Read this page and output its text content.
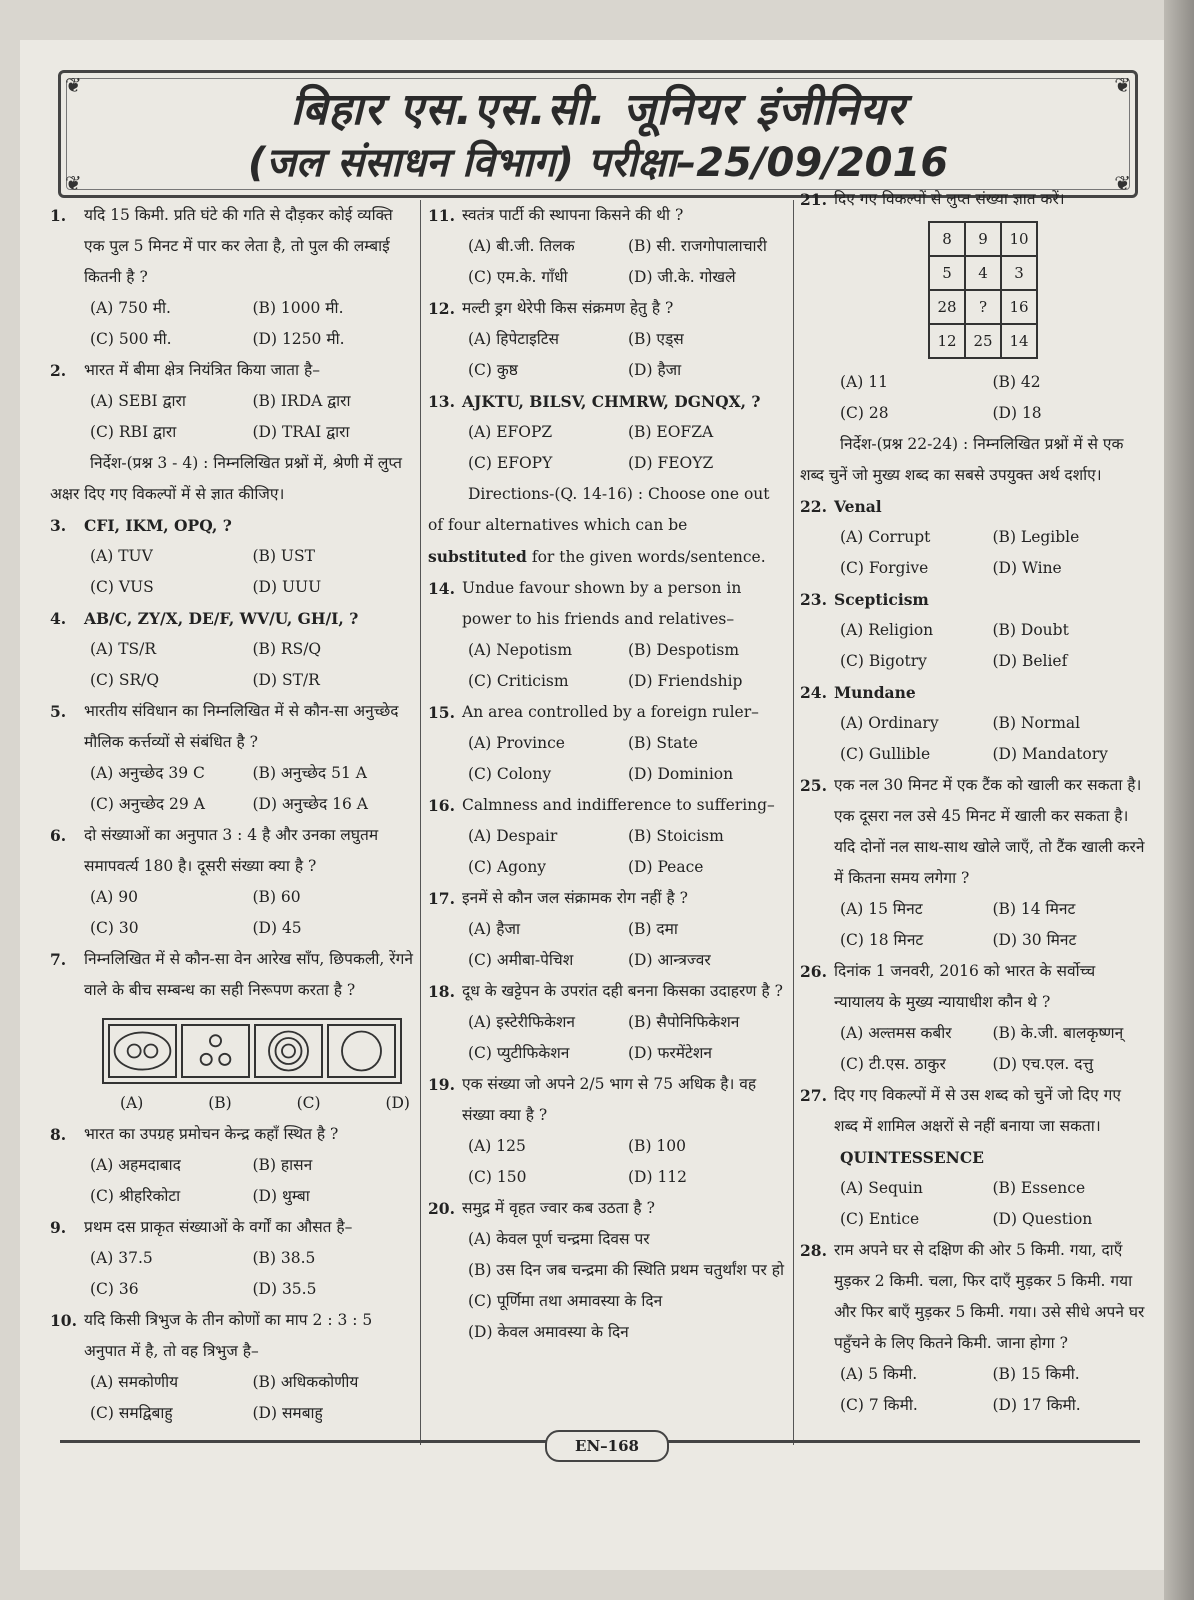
❦	❦
❦	❦
बिहार एस.एस.सी. जूनियर इंजीनियर
(जल संसाधन विभाग) परीक्षा–25/09/2016
1.	यदि 15 किमी. प्रति घंटे की गति से दौड़कर कोई व्यक्ति एक पुल 5 मिनट में पार कर लेता है, तो पुल की लम्बाई कितनी है ?
(A) 750 मी.	(B) 1000 मी.
(C) 500 मी.	(D) 1250 मी.
2.	भारत में बीमा क्षेत्र नियंत्रित किया जाता है–
(A) SEBI द्वारा	(B) IRDA द्वारा
(C) RBI द्वारा	(D) TRAI द्वारा
निर्देश-(प्रश्न 3 - 4) : निम्नलिखित प्रश्नों में, श्रेणी में लुप्त अक्षर दिए गए विकल्पों में से ज्ञात कीजिए।
3.	CFI, IKM, OPQ, ?
(A) TUV	(B) UST
(C) VUS	(D) UUU
4.	AB/C, ZY/X, DE/F, WV/U, GH/I, ?
(A) TS/R	(B) RS/Q
(C) SR/Q	(D) ST/R
5.	भारतीय संविधान का निम्नलिखित में से कौन-सा अनुच्छेद मौलिक कर्त्तव्यों से संबंधित है ?
(A) अनुच्छेद 39 C	(B) अनुच्छेद 51 A
(C) अनुच्छेद 29 A	(D) अनुच्छेद 16 A
6.	दो संख्याओं का अनुपात 3 : 4 है और उनका लघुतम समापवर्त्य 180 है। दूसरी संख्या क्या है ?
(A) 90	(B) 60
(C) 30	(D) 45
7.	निम्नलिखित में से कौन-सा वेन आरेख साँप, छिपकली, रेंगने वाले के बीच सम्बन्ध का सही निरूपण करता है ?
(A)	(B)	(C)	(D)
8.	भारत का उपग्रह प्रमोचन केन्द्र कहाँ स्थित है ?
(A) अहमदाबाद	(B) हासन
(C) श्रीहरिकोटा	(D) थुम्बा
9.	प्रथम दस प्राकृत संख्याओं के वर्गों का औसत है–
(A) 37.5	(B) 38.5
(C) 36	(D) 35.5
10. यदि किसी त्रिभुज के तीन कोणों का माप 2 : 3 : 5 अनुपात में है, तो वह त्रिभुज है–
(A) समकोणीय	(B) अधिककोणीय
(C) समद्विबाहु	(D) समबाहु
11. स्वतंत्र पार्टी की स्थापना किसने की थी ?
(A) बी.जी. तिलक	(B) सी. राजगोपालाचारी
(C) एम.के. गाँधी	(D) जी.के. गोखले
12. मल्टी ड्रग थेरेपी किस संक्रमण हेतु है ?
(A) हिपेटाइटिस	(B) एड्स
(C) कुष्ठ	(D) हैजा
13. AJKTU, BILSV, CHMRW, DGNQX, ?
(A) EFOPZ	(B) EOFZA
(C) EFOPY	(D) FEOYZ
Directions-(Q. 14-16) : Choose one out of four alternatives which can be substituted for the given words/sentence.
14. Undue favour shown by a person in power to his friends and relatives–
(A) Nepotism	(B) Despotism
(C) Criticism	(D) Friendship
15. An area controlled by a foreign ruler–
(A) Province	(B) State
(C) Colony	(D) Dominion
16. Calmness and indifference to suffering–
(A) Despair	(B) Stoicism
(C) Agony	(D) Peace
17. इनमें से कौन जल संक्रामक रोग नहीं है ?
(A) हैजा	(B) दमा
(C) अमीबा-पेचिश	(D) आन्त्रज्वर
18. दूध के खट्टेपन के उपरांत दही बनना किसका उदाहरण है ?
(A) इस्टेरीफिकेशन	(B) सैपोनिफिकेशन
(C) प्युटीफिकेशन	(D) फरमेंटेशन
19. एक संख्या जो अपने 2/5 भाग से 75 अधिक है। वह संख्या क्या है ?
(A) 125	(B) 100
(C) 150	(D) 112
20. समुद्र में वृहत ज्वार कब उठता है ?
(A) केवल पूर्ण चन्द्रमा दिवस पर
(B) उस दिन जब चन्द्रमा की स्थिति प्रथम चतुर्थांश पर हो
(C) पूर्णिमा तथा अमावस्या के दिन
(D) केवल अमावस्या के दिन
21. दिए गए विकल्पों से लुप्त संख्या ज्ञात करें।
8	9	10
5	4	3
28	?	16
12	25	14
(A) 11	(B) 42
(C) 28	(D) 18
निर्देश-(प्रश्न 22-24) : निम्नलिखित प्रश्नों में से एक शब्द चुनें जो मुख्य शब्द का सबसे उपयुक्त अर्थ दर्शाए।
22. Venal
(A) Corrupt	(B) Legible
(C) Forgive	(D) Wine
23. Scepticism
(A) Religion	(B) Doubt
(C) Bigotry	(D) Belief
24. Mundane
(A) Ordinary	(B) Normal
(C) Gullible	(D) Mandatory
25. एक नल 30 मिनट में एक टैंक को खाली कर सकता है। एक दूसरा नल उसे 45 मिनट में खाली कर सकता है। यदि दोनों नल साथ-साथ खोले जाएँ, तो टैंक खाली करने में कितना समय लगेगा ?
(A) 15 मिनट	(B) 14 मिनट
(C) 18 मिनट	(D) 30 मिनट
26. दिनांक 1 जनवरी, 2016 को भारत के सर्वोच्च न्यायालय के मुख्य न्यायाधीश कौन थे ?
(A) अल्तमस कबीर	(B) के.जी. बालकृष्णन्
(C) टी.एस. ठाकुर	(D) एच.एल. दत्तु
27. दिए गए विकल्पों में से उस शब्द को चुनें जो दिए गए शब्द में शामिल अक्षरों से नहीं बनाया जा सकता।
QUINTESSENCE
(A) Sequin	(B) Essence
(C) Entice	(D) Question
28. राम अपने घर से दक्षिण की ओर 5 किमी. गया, दाएँ मुड़कर 2 किमी. चला, फिर दाएँ मुड़कर 5 किमी. गया और फिर बाएँ मुड़कर 5 किमी. गया। उसे सीधे अपने घर पहुँचने के लिए कितने किमी. जाना होगा ?
(A) 5 किमी.	(B) 15 किमी.
(C) 7 किमी.	(D) 17 किमी.
EN–168
